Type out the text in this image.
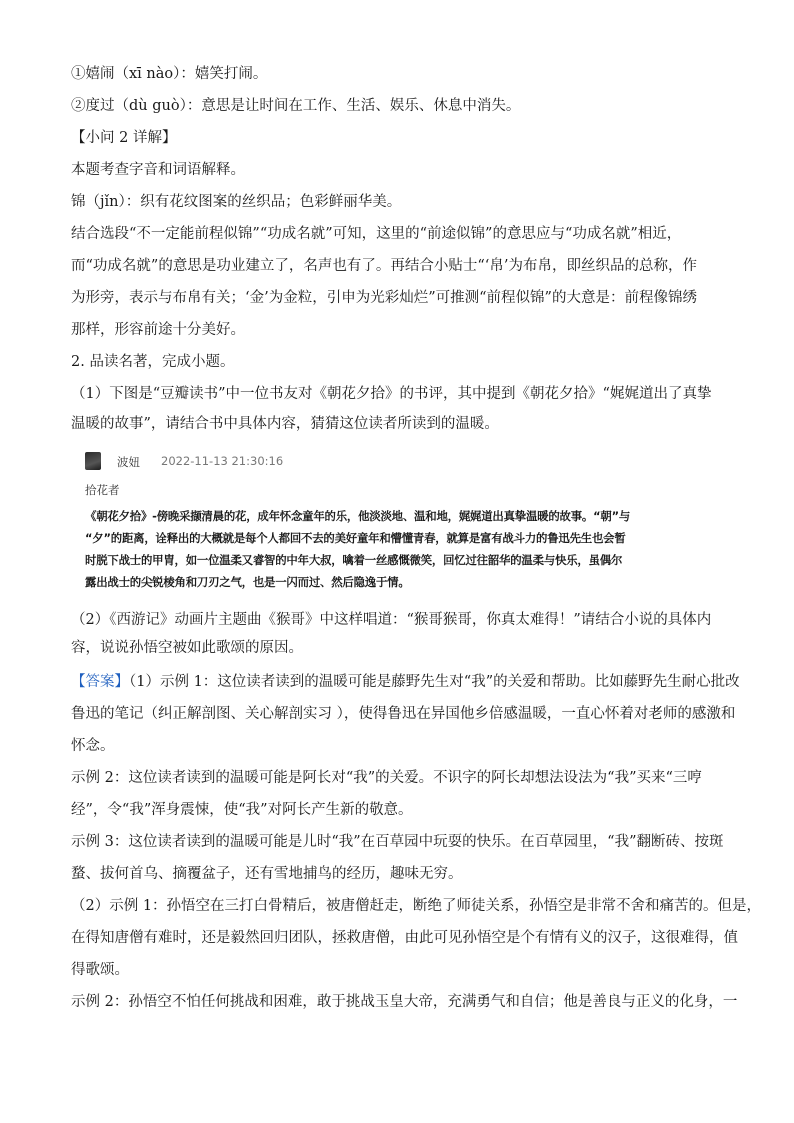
①嬉闹（xī nào）：嬉笑打闹。
②度过（dù guò）：意思是让时间在工作、生活、娱乐、休息中消失。
【小问 2 详解】
本题考查字音和词语解释。
锦（jǐn）：织有花纹图案的丝织品；色彩鲜丽华美。
结合选段“不一定能前程似锦”“功成名就”可知，这里的“前途似锦”的意思应与“功成名就”相近，
而“功成名就”的意思是功业建立了，名声也有了。再结合小贴士“‘帛’为布帛，即丝织品的总称，作
为形旁，表示与布帛有关；‘金’为金粒，引申为光彩灿烂”可推测“前程似锦”的大意是：前程像锦绣
那样，形容前途十分美好。
2. 品读名著，完成小题。
（1）下图是“豆瓣读书”中一位书友对《朝花夕拾》的书评，其中提到《朝花夕拾》“娓娓道出了真挚
温暖的故事”，请结合书中具体内容，猜猜这位读者所读到的温暖。
波妞 2022-11-13 21:30:16
拾花者
《朝花夕拾》-傍晚采撷清晨的花，成年怀念童年的乐，他淡淡地、温和地，娓娓道出真挚温暖的故事。“朝”与
“夕”的距离，诠释出的大概就是每个人都回不去的美好童年和懵懂青春，就算是富有战斗力的鲁迅先生也会暂
时脱下战士的甲胄，如一位温柔又睿智的中年大叔，噙着一丝感慨微笑，回忆过往韶华的温柔与快乐，虽偶尔
露出战士的尖锐棱角和刀刃之气，也是一闪而过、然后隐逸于情。
（2）《西游记》动画片主题曲《猴哥》中这样唱道：“猴哥猴哥，你真太难得！”请结合小说的具体内
容，说说孙悟空被如此歌颂的原因。
【答案】（1）示例 1：这位读者读到的温暖可能是藤野先生对“我”的关爱和帮助。比如藤野先生耐心批改
鲁迅的笔记（纠正解剖图、关心解剖实习 ），使得鲁迅在异国他乡倍感温暖，一直心怀着对老师的感激和
怀念。
示例 2：这位读者读到的温暖可能是阿长对“我”的关爱。不识字的阿长却想法设法为“我”买来“三哼
经”，令“我”浑身震悚，使“我”对阿长产生新的敬意。
示例 3：这位读者读到的温暖可能是儿时“我”在百草园中玩耍的快乐。在百草园里，“我”翻断砖、按斑
蝥、拔何首乌、摘覆盆子，还有雪地捕鸟的经历，趣味无穷。
（2）示例 1：孙悟空在三打白骨精后，被唐僧赶走，断绝了师徒关系，孙悟空是非常不舍和痛苦的。但是，
在得知唐僧有难时，还是毅然回归团队，拯救唐僧，由此可见孙悟空是个有情有义的汉子，这很难得，值
得歌颂。
示例 2：孙悟空不怕任何挑战和困难，敢于挑战玉皇大帝，充满勇气和自信；他是善良与正义的化身，一
